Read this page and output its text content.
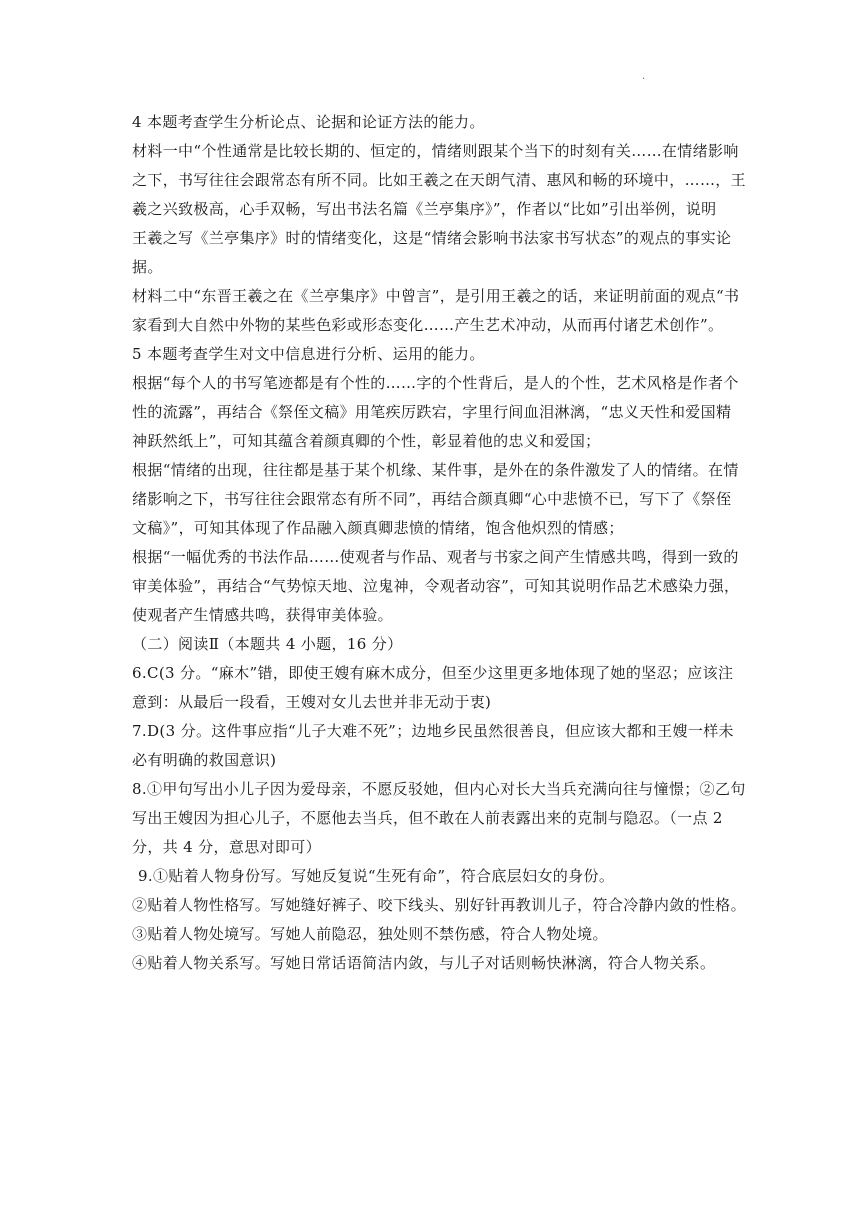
·
4 本题考查学生分析论点、论据和论证方法的能力。
材料一中“个性通常是比较长期的、恒定的，情绪则跟某个当下的时刻有关……在情绪影响
之下，书写往往会跟常态有所不同。比如王羲之在天朗气清、惠风和畅的环境中，……，王
羲之兴致极高，心手双畅，写出书法名篇《兰亭集序》”，作者以“比如”引出举例，说明
王羲之写《兰亭集序》时的情绪变化，这是“情绪会影响书法家书写状态”的观点的事实论
据。
材料二中“东晋王羲之在《兰亭集序》中曾言”，是引用王羲之的话，来证明前面的观点“书
家看到大自然中外物的某些色彩或形态变化……产生艺术冲动，从而再付诸艺术创作”。
5 本题考查学生对文中信息进行分析、运用的能力。
根据“每个人的书写笔迹都是有个性的……字的个性背后，是人的个性，艺术风格是作者个
性的流露”，再结合《祭侄文稿》用笔疾厉跌宕，字里行间血泪淋漓，“忠义天性和爱国精
神跃然纸上”，可知其蕴含着颜真卿的个性，彰显着他的忠义和爱国；
根据“情绪的出现，往往都是基于某个机缘、某件事，是外在的条件激发了人的情绪。在情
绪影响之下，书写往往会跟常态有所不同”，再结合颜真卿“心中悲愤不已，写下了《祭侄
文稿》”，可知其体现了作品融入颜真卿悲愤的情绪，饱含他炽烈的情感；
根据“一幅优秀的书法作品……使观者与作品、观者与书家之间产生情感共鸣，得到一致的
审美体验”，再结合“气势惊天地、泣鬼神，令观者动容”，可知其说明作品艺术感染力强，
使观者产生情感共鸣，获得审美体验。
（二）阅读Ⅱ（本题共 4 小题，16 分）
6.C(3 分。“麻木”错，即使王嫂有麻木成分，但至少这里更多地体现了她的坚忍；应该注
意到：从最后一段看，王嫂对女儿去世并非无动于衷)
7.D(3 分。这件事应指“儿子大难不死”；边地乡民虽然很善良，但应该大都和王嫂一样未
必有明确的救国意识)
8.①甲句写出小儿子因为爱母亲，不愿反驳她，但内心对长大当兵充满向往与憧憬；②乙句
写出王嫂因为担心儿子，不愿他去当兵，但不敢在人前表露出来的克制与隐忍。（一点 2
分，共 4 分，意思对即可）
9.①贴着人物身份写。写她反复说“生死有命”，符合底层妇女的身份。
②贴着人物性格写。写她缝好裤子、咬下线头、别好针再教训儿子，符合冷静内敛的性格。
③贴着人物处境写。写她人前隐忍，独处则不禁伤感，符合人物处境。
④贴着人物关系写。写她日常话语简洁内敛，与儿子对话则畅快淋漓，符合人物关系。
